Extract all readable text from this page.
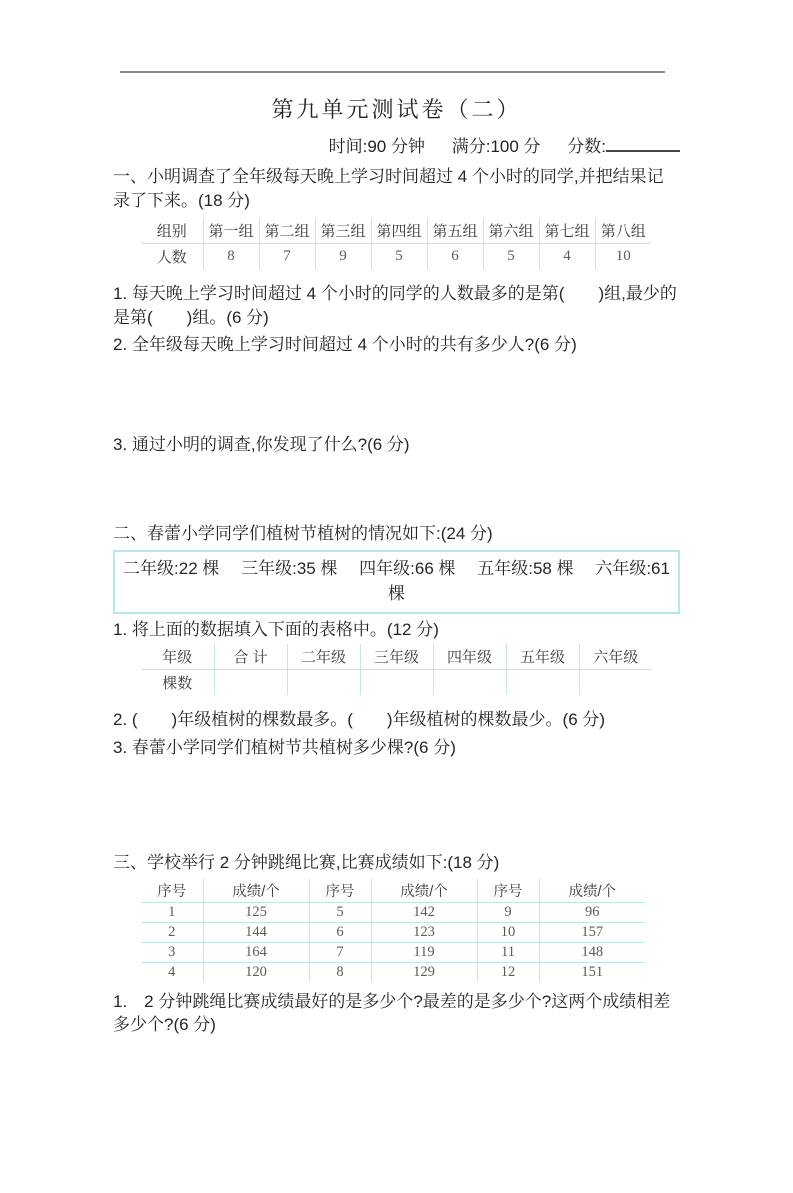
第九单元测试卷（二）
时间:90 分钟 满分:100 分 分数:

一、小明调查了全年级每天晚上学习时间超过 4 个小时的同学,并把结果记录了下来。(18 分)

组别	第一组	第二组	第三组	第四组	第五组	第六组	第七组	第八组
人数	8	7	9	5	6	5	4	10

1. 每天晚上学习时间超过 4 个小时的同学的人数最多的是第(　　)组,最少的是第(　　)组。(6 分)

2. 全年级每天晚上学习时间超过 4 个小时的共有多少人?(6 分)

3. 通过小明的调查,你发现了什么?(6 分)

二、春蕾小学同学们植树节植树的情况如下:(24 分)

二年级:22 棵　 三年级:35 棵　 四年级:66 棵　 五年级:58 棵　 六年级:61 棵

1. 将上面的数据填入下面的表格中。(12 分)

年级	合 计	二年级	三年级	四年级	五年级	六年级
棵数						

2. (　　)年级植树的棵数最多。(　　)年级植树的棵数最少。(6 分)

3. 春蕾小学同学们植树节共植树多少棵?(6 分)

三、学校举行 2 分钟跳绳比赛,比赛成绩如下:(18 分)

序号	成绩/个	序号	成绩/个	序号	成绩/个
1	125	5	142	9	96
2	144	6	123	10	157
3	164	7	119	11	148
4	120	8	129	12	151

1.　2 分钟跳绳比赛成绩最好的是多少个?最差的是多少个?这两个成绩相差多少个?(6 分)
